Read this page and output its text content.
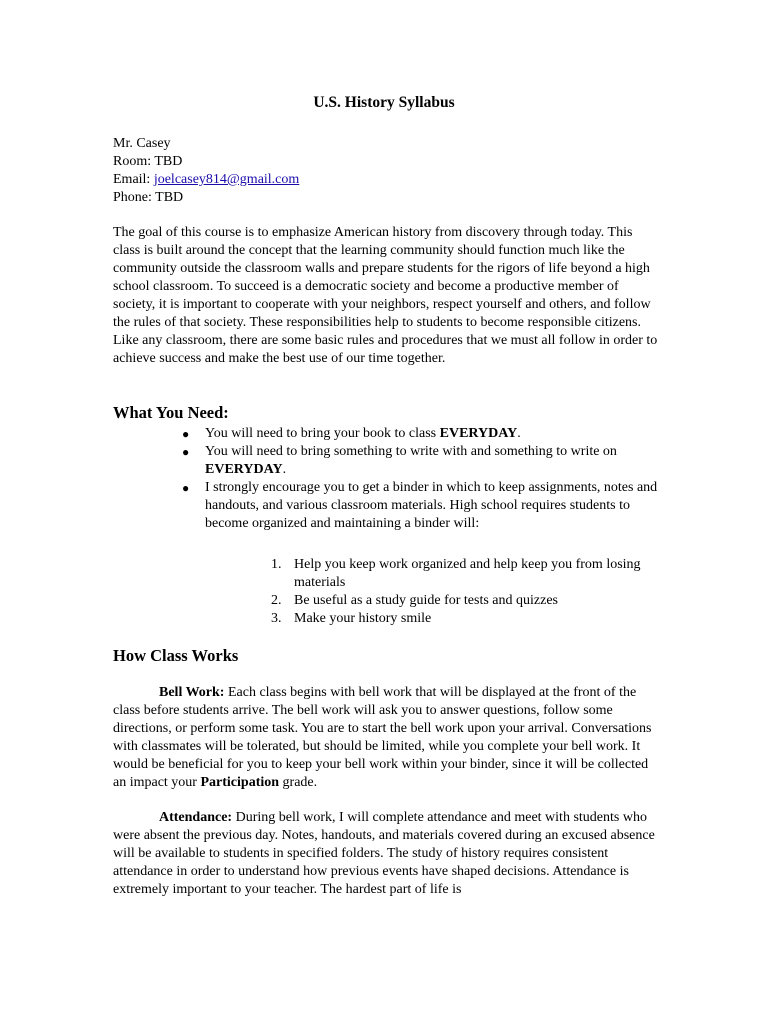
U.S. History Syllabus
Mr. Casey
Room: TBD
Email: joelcasey814@gmail.com
Phone: TBD

The goal of this course is to emphasize American history from discovery through today. This class is built around the concept that the learning community should function much like the community outside the classroom walls and prepare students for the rigors of life beyond a high school classroom. To succeed is a democratic society and become a productive member of society, it is important to cooperate with your neighbors, respect yourself and others, and follow the rules of that society. These responsibilities help to students to become responsible citizens. Like any classroom, there are some basic rules and procedures that we must all follow in order to achieve success and make the best use of our time together.

What You Need:
● You will need to bring your book to class EVERYDAY.
● You will need to bring something to write with and something to write on EVERYDAY.
● I strongly encourage you to get a binder in which to keep assignments, notes and handouts, and various classroom materials. High school requires students to become organized and maintaining a binder will:
1. Help you keep work organized and help keep you from losing materials
2. Be useful as a study guide for tests and quizzes
3. Make your history smile
How Class Works

Bell Work: Each class begins with bell work that will be displayed at the front of the class before students arrive. The bell work will ask you to answer questions, follow some directions, or perform some task. You are to start the bell work upon your arrival. Conversations with classmates will be tolerated, but should be limited, while you complete your bell work. It would be beneficial for you to keep your bell work within your binder, since it will be collected an impact your Participation grade.

Attendance: During bell work, I will complete attendance and meet with students who were absent the previous day. Notes, handouts, and materials covered during an excused absence will be available to students in specified folders. The study of history requires consistent attendance in order to understand how previous events have shaped decisions. Attendance is extremely important to your teacher. The hardest part of life is
